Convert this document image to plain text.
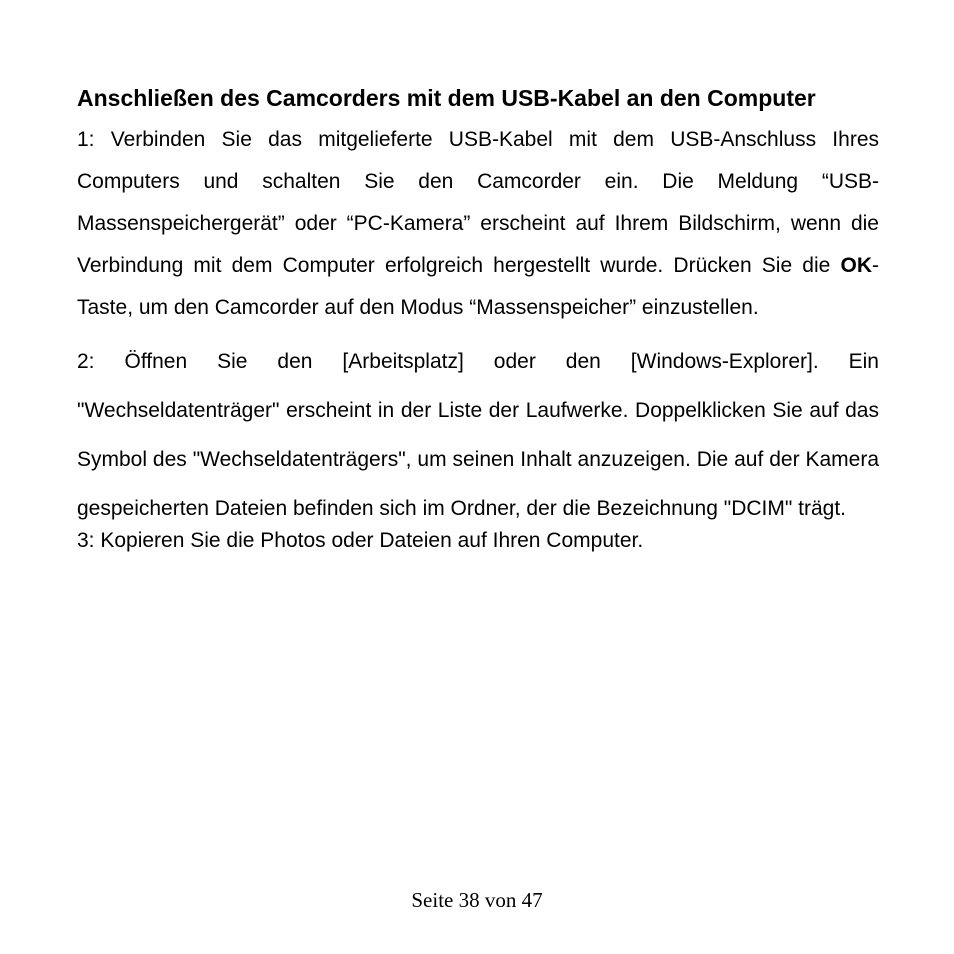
Anschließen des Camcorders mit dem USB-Kabel an den Computer

1: Verbinden Sie das mitgelieferte USB-Kabel mit dem USB-Anschluss Ihres Computers und schalten Sie den Camcorder ein. Die Meldung “USB-Massenspeichergerät” oder “PC-Kamera” erscheint auf Ihrem Bildschirm, wenn die Verbindung mit dem Computer erfolgreich hergestellt wurde. Drücken Sie die OK-Taste, um den Camcorder auf den Modus “Massenspeicher” einzustellen.

2: Öffnen Sie den [Arbeitsplatz] oder den [Windows-Explorer]. Ein "Wechseldatenträger" erscheint in der Liste der Laufwerke. Doppelklicken Sie auf das Symbol des "Wechseldatenträgers", um seinen Inhalt anzuzeigen. Die auf der Kamera gespeicherten Dateien befinden sich im Ordner, der die Bezeichnung "DCIM" trägt.

3: Kopieren Sie die Photos oder Dateien auf Ihren Computer.

Seite 38 von 47
